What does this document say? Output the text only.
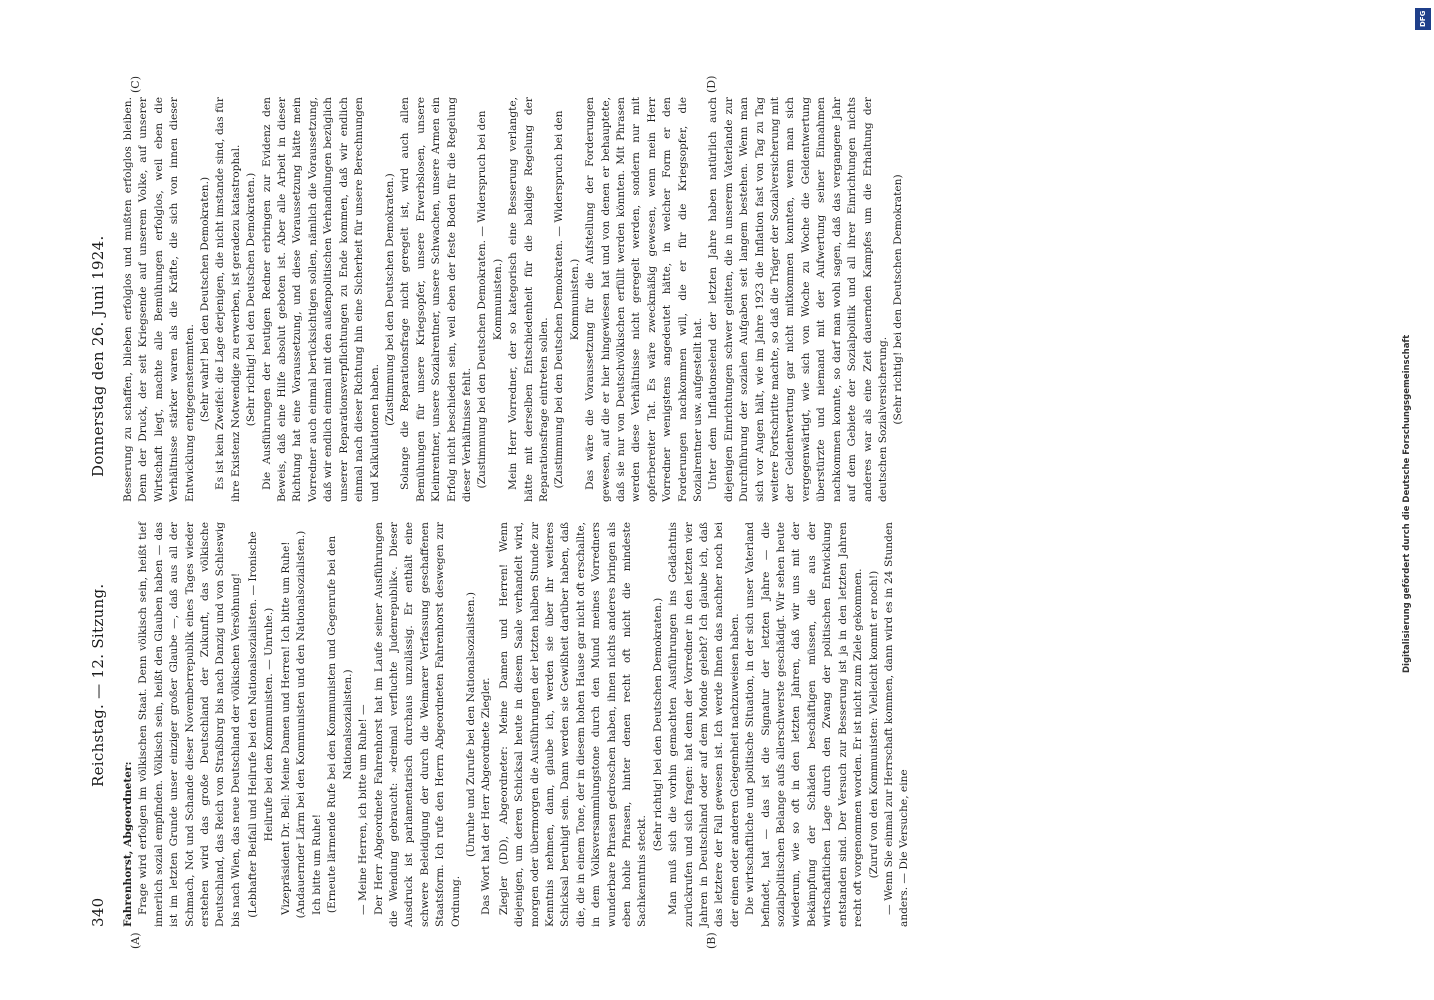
340
Reichstag. — 12. Sitzung.
Donnerstag den 26. Juni 1924.
(A)	(B)
(C)	(D)

Fahrenhorst, Abgeordneter: Frage wird erfolgen im völkischen Staat. Denn völkisch sein, heißt tief innerlich sozial empfinden. Völkisch sein, heißt den Glauben haben — das ist im letzten Grunde unser einziger großer Glaube —, daß aus all der Schmach, Not und Schande dieser Novemberrepublik eines Tages wieder erstehen wird das große Deutschland der Zukunft, das völkische Deutschland, das Reich von Straßburg bis nach Danzig und von Schleswig bis nach Wien, das neue Deutschland der völkischen Versöhnung! (Lebhafter Beifall und Heilrufe bei den Nationalsozialisten. — Ironische Heilrufe bei den Kommunisten. — Unruhe.) Vizepräsident Dr. Bell: Meine Damen und Herren! Ich bitte um Ruhe! (Andauernder Lärm bei den Kommunisten und den Nationalsozialisten.) Ich bitte um Ruhe! (Erneute lärmende Rufe bei den Kommunisten und Gegenrufe bei den Nationalsozialisten.) — Meine Herren, ich bitte um Ruhe! — Der Herr Abgeordnete Fahrenhorst hat im Laufe seiner Ausführungen die Wendung gebraucht: »dreimal verfluchte Judenrepublik«. Dieser Ausdruck ist parlamentarisch durchaus unzulässig. Er enthält eine schwere Beleidigung der durch die Weimarer Verfassung geschaffenen Staatsform. Ich rufe den Herrn Abgeordneten Fahrenhorst deswegen zur Ordnung.

(Unruhe und Zurufe bei den Nationalsozialisten.) Das Wort hat der Herr Abgeordnete Ziegler. Ziegler (DD), Abgeordneter: Meine Damen und Herren! Wenn diejenigen, um deren Schicksal heute in diesem Saale verhandelt wird, morgen oder übermorgen die Ausführungen der letzten halben Stunde zur Kenntnis nehmen, dann, glaube ich, werden sie über ihr weiteres Schicksal beruhigt sein. Dann werden sie Gewißheit darüber haben, daß die, die in einem Tone, der in diesem hohen Hause gar nicht oft erschallte, in dem Volksversammlungstone durch den Mund meines Vorredners wunderbare Phrasen gedroschen haben, ihnen nichts anderes bringen als eben hohle Phrasen, hinter denen recht oft nicht die mindeste Sachkenntnis steckt.

(Sehr richtig! bei den Deutschen Demokraten.) Man muß sich die vorhin gemachten Ausführungen ins Gedächtnis zurückrufen und sich fragen: hat denn der Vorredner in den letzten vier Jahren in Deutschland oder auf dem Monde gelebt? Ich glaube ich, daß das letztere der Fall gewesen ist. Ich werde Ihnen das nachher noch bei der einen oder anderen Gelegenheit nachzuweisen haben. Die wirtschaftliche und politische Situation, in der sich unser Vaterland befindet, hat — das ist die Signatur der letzten Jahre — die sozialpolitischen Belange aufs allerschwerste geschädigt. Wir sehen heute wiederum, wie so oft in den letzten Jahren, daß wir uns mit der Bekämpfung der Schäden beschäftigen müssen, die aus der wirtschaftlichen Lage durch den Zwang der politischen Entwicklung entstanden sind. Der Versuch zur Besserung ist ja in den letzten Jahren recht oft vorgenommen worden. Er ist nicht zum Ziele gekommen. (Zuruf von den Kommunisten: Vielleicht kommt er noch!) — Wenn Sie einmal zur Herrschaft kommen, dann wird es in 24 Stunden anders. — Die Versuche, eine

Besserung zu schaffen, blieben erfolglos und mußten erfolglos bleiben. Denn der Druck, der seit Kriegsende auf unserem Volke, auf unserer Wirtschaft liegt, machte alle Bemühungen erfolglos, weil eben die Verhältnisse stärker waren als die Kräfte, die sich von innen dieser Entwicklung entgegenstemmten. (Sehr wahr! bei den Deutschen Demokraten.) Es ist kein Zweifel: die Lage derjenigen, die nicht imstande sind, das für ihre Existenz Notwendige zu erwerben, ist geradezu katastrophal. (Sehr richtig! bei den Deutschen Demokraten.) Die Ausführungen der heutigen Redner erbringen zur Evidenz den Beweis, daß eine Hilfe absolut geboten ist. Aber alle Arbeit in dieser Richtung hat eine Voraussetzung, und diese Voraussetzung hätte mein Vorredner auch einmal berücksichtigen sollen, nämlich die Voraussetzung, daß wir endlich einmal mit den außenpolitischen Verhandlungen bezüglich unserer Reparationsverpflichtungen zu Ende kommen, daß wir endlich einmal nach dieser Richtung hin eine Sicherheit für unsere Berechnungen und Kalkulationen haben.

(Zustimmung bei den Deutschen Demokraten.) Solange die Reparationsfrage nicht geregelt ist, wird auch allen Bemühungen für unsere Kriegsopfer, unsere Erwerbslosen, unsere Kleinrentner, unsere Sozialrentner, unsere Schwachen, unsere Armen ein Erfolg nicht beschieden sein, weil eben der feste Boden für die Regelung dieser Verhältnisse fehlt. (Zustimmung bei den Deutschen Demokraten. — Widerspruch bei den Kommunisten.) Mein Herr Vorredner, der so kategorisch eine Besserung verlangte, hätte mit derselben Entschiedenheit für die baldige Regelung der Reparationsfrage eintreten sollen. (Zustimmung bei den Deutschen Demokraten. — Widerspruch bei den Kommunisten.) Das wäre die Voraussetzung für die Aufstellung der Forderungen gewesen, auf die er hier hingewiesen hat und von denen er behauptete, daß sie nur von Deutschvölkischen erfüllt werden könnten. Mit Phrasen werden diese Verhältnisse nicht geregelt werden, sondern nur mit opferbereiter Tat. Es wäre zweckmäßig gewesen, wenn mein Herr Vorredner wenigstens angedeutet hätte, in welcher Form er den Forderungen nachkommen will, die er für die Kriegsopfer, die Sozialrentner usw. aufgestellt hat. Unter dem Inflationselend der letzten Jahre haben natürlich auch diejenigen Einrichtungen schwer gelitten, die in unserem Vaterlande zur Durchführung der sozialen Aufgaben seit langem bestehen. Wenn man sich vor Augen hält, wie im Jahre 1923 die Inflation fast von Tag zu Tag weitere Fortschritte machte, so daß die Träger der Sozialversicherung mit der Geldentwertung gar nicht mitkommen konnten, wenn man sich vergegenwärtigt, wie sich von Woche zu Woche die Geldentwertung überstürzte und niemand mit der Aufwertung seiner Einnahmen nachkommen konnte, so darf man wohl sagen, daß das vergangene Jahr auf dem Gebiete der Sozialpolitik und all ihrer Einrichtungen nichts anderes war als eine Zeit dauernden Kampfes um die Erhaltung der deutschen Sozialversicherung. (Sehr richtig! bei den Deutschen Demokraten)

DFG
Digitalisierung gefördert durch die Deutsche Forschungsgemeinschaft
